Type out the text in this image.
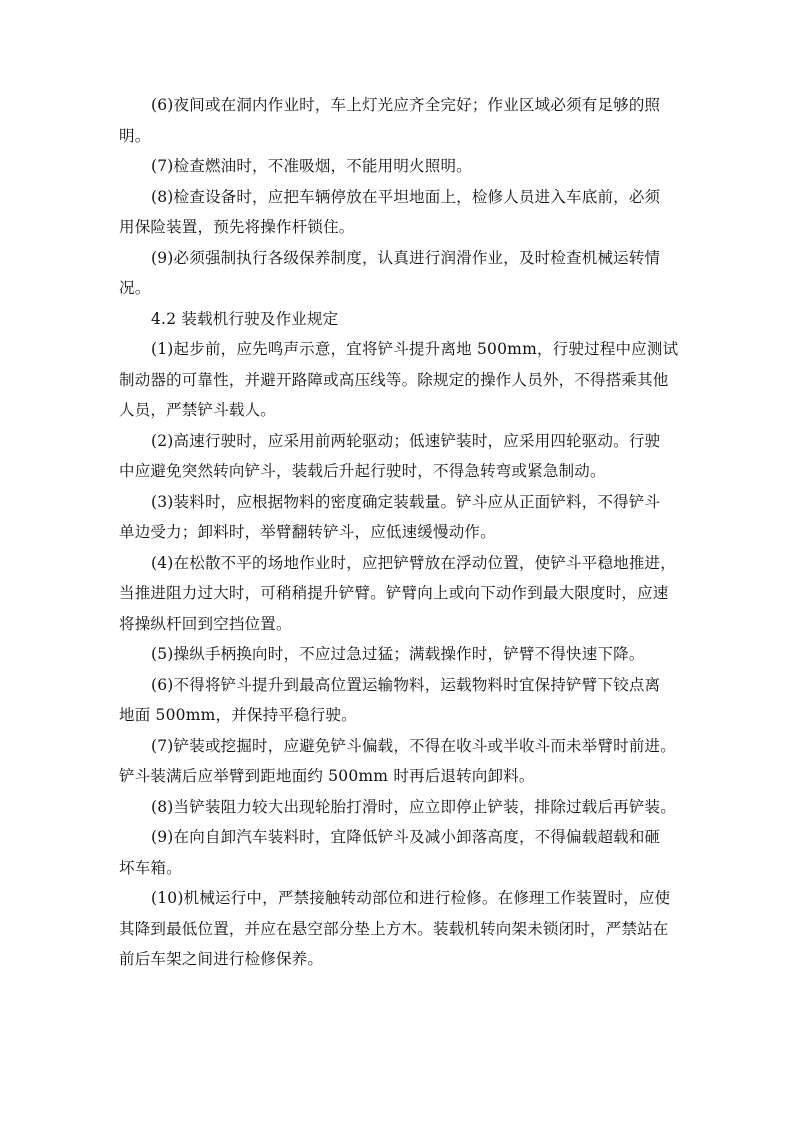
(6)夜间或在洞内作业时，车上灯光应齐全完好；作业区域必须有足够的照
明。
(7)检查燃油时，不准吸烟，不能用明火照明。
(8)检查设备时，应把车辆停放在平坦地面上，检修人员进入车底前，必须
用保险装置，预先将操作杆锁住。
(9)必须强制执行各级保养制度，认真进行润滑作业，及时检查机械运转情
况。
4.2 装载机行驶及作业规定
(1)起步前，应先鸣声示意，宜将铲斗提升离地 500mm，行驶过程中应测试
制动器的可靠性，并避开路障或高压线等。除规定的操作人员外，不得搭乘其他
人员，严禁铲斗载人。
(2)高速行驶时，应采用前两轮驱动；低速铲装时，应采用四轮驱动。行驶
中应避免突然转向铲斗，装载后升起行驶时，不得急转弯或紧急制动。
(3)装料时，应根据物料的密度确定装载量。铲斗应从正面铲料，不得铲斗
单边受力；卸料时，举臂翻转铲斗，应低速缓慢动作。
(4)在松散不平的场地作业时，应把铲臂放在浮动位置，使铲斗平稳地推进，
当推进阻力过大时，可稍稍提升铲臂。铲臂向上或向下动作到最大限度时，应速
将操纵杆回到空挡位置。
(5)操纵手柄换向时，不应过急过猛；满载操作时，铲臂不得快速下降。
(6)不得将铲斗提升到最高位置运输物料，运载物料时宜保持铲臂下铰点离
地面 500mm，并保持平稳行驶。
(7)铲装或挖掘时，应避免铲斗偏载，不得在收斗或半收斗而未举臂时前进。
铲斗装满后应举臂到距地面约 500mm 时再后退转向卸料。
(8)当铲装阻力较大出现轮胎打滑时，应立即停止铲装，排除过载后再铲装。
(9)在向自卸汽车装料时，宜降低铲斗及减小卸落高度，不得偏载超载和砸
坏车箱。
(10)机械运行中，严禁接触转动部位和进行检修。在修理工作装置时，应使
其降到最低位置，并应在悬空部分垫上方木。装载机转向架未锁闭时，严禁站在
前后车架之间进行检修保养。
